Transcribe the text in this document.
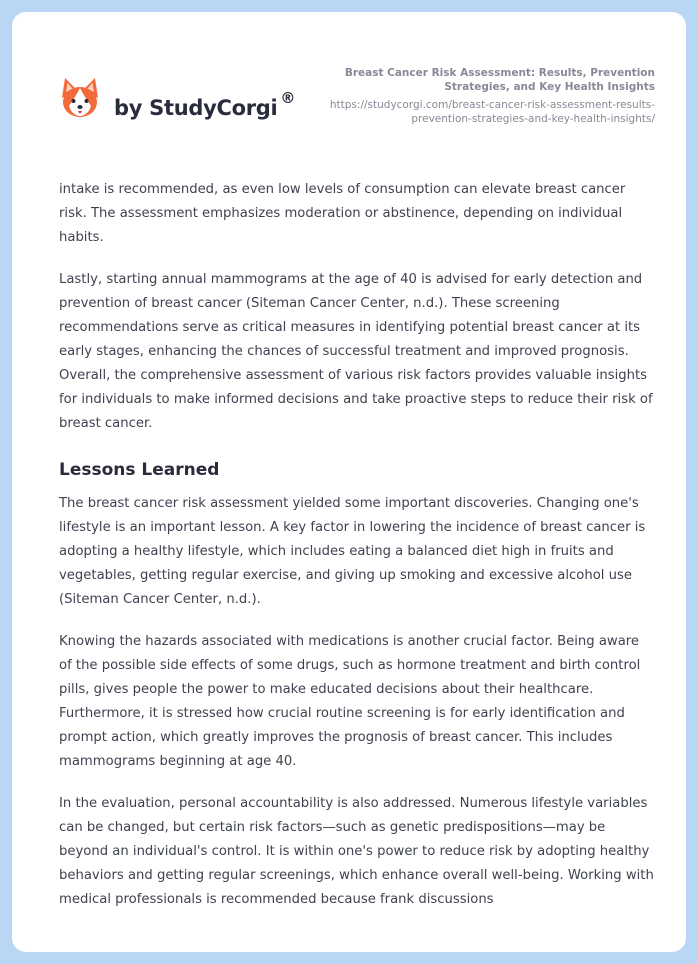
by StudyCorgi ®
Breast Cancer Risk Assessment: Results, Prevention Strategies, and Key Health Insights
https://studycorgi.com/breast-cancer-risk-assessment-results-prevention-strategies-and-key-health-insights/

intake is recommended, as even low levels of consumption can elevate breast cancer risk. The assessment emphasizes moderation or abstinence, depending on individual habits.

Lastly, starting annual mammograms at the age of 40 is advised for early detection and prevention of breast cancer (Siteman Cancer Center, n.d.). These screening recommendations serve as critical measures in identifying potential breast cancer at its early stages, enhancing the chances of successful treatment and improved prognosis. Overall, the comprehensive assessment of various risk factors provides valuable insights for individuals to make informed decisions and take proactive steps to reduce their risk of breast cancer.

Lessons Learned

The breast cancer risk assessment yielded some important discoveries. Changing one's lifestyle is an important lesson. A key factor in lowering the incidence of breast cancer is adopting a healthy lifestyle, which includes eating a balanced diet high in fruits and vegetables, getting regular exercise, and giving up smoking and excessive alcohol use (Siteman Cancer Center, n.d.).

Knowing the hazards associated with medications is another crucial factor. Being aware of the possible side effects of some drugs, such as hormone treatment and birth control pills, gives people the power to make educated decisions about their healthcare. Furthermore, it is stressed how crucial routine screening is for early identification and prompt action, which greatly improves the prognosis of breast cancer. This includes mammograms beginning at age 40.

In the evaluation, personal accountability is also addressed. Numerous lifestyle variables can be changed, but certain risk factors—such as genetic predispositions—may be beyond an individual's control. It is within one's power to reduce risk by adopting healthy behaviors and getting regular screenings, which enhance overall well-being. Working with medical professionals is recommended because frank discussions
